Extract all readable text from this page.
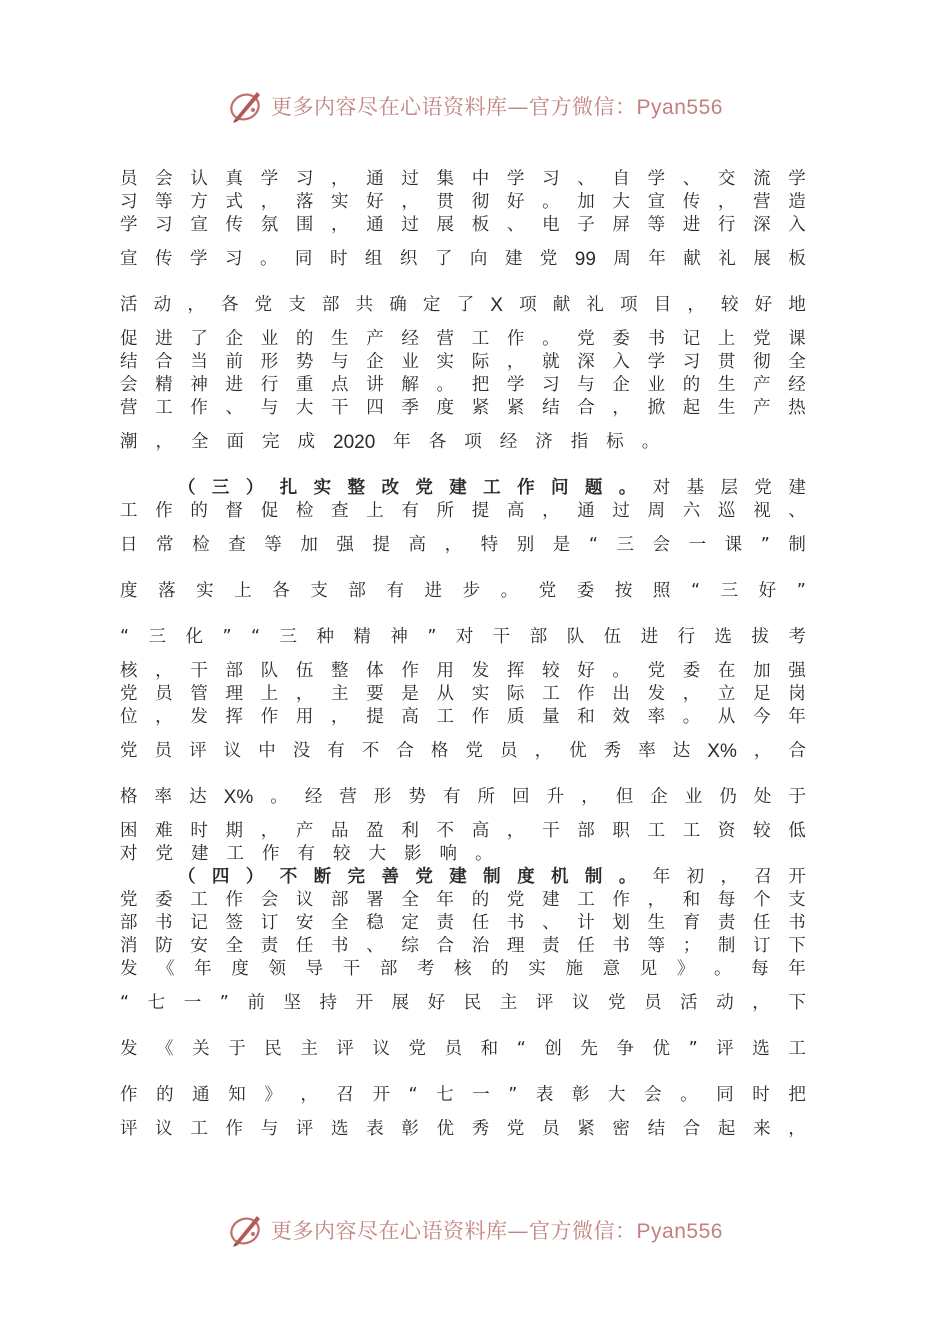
更多内容尽在心语资料库—官方微信：Pyan556
员 会 认 真 学 习 ， 通 过 集 中 学 习 、 自 学 、 交 流 学
习 等 方 式 ， 落 实 好 ， 贯 彻 好 。 加 大 宣 传 ， 营 造
学 习 宣 传 氛 围 ， 通 过 展 板 、 电 子 屏 等 进 行 深 入
宣 传 学 习 。 同 时 组 织 了 向 建 党 99 周 年 献 礼 展 板
活 动 ， 各 党 支 部 共 确 定 了 X 项 献 礼 项 目 ， 较 好 地
促 进 了 企 业 的 生 产 经 营 工 作 。 党 委 书 记 上 党 课
结 合 当 前 形 势 与 企 业 实 际 ， 就 深 入 学 习 贯 彻 全
会 精 神 进 行 重 点 讲 解 。 把 学 习 与 企 业 的 生 产 经
营 工 作 、 与 大 干 四 季 度 紧 紧 结 合 ， 掀 起 生 产 热
潮 ， 全 面 完 成 2020 年 各 项 经 济 指 标 。
（ 三 ） 扎 实 整 改 党 建 工 作 问 题 。 对 基 层 党 建
工 作 的 督 促 检 查 上 有 所 提 高 ， 通 过 周 六 巡 视 、
日 常 检 查 等 加 强 提 高 ， 特 别 是 “ 三 会 一 课 ” 制
度 落 实 上 各 支 部 有 进 步 。 党 委 按 照 “ 三 好 ”
“ 三 化 ” “ 三 种 精 神 ” 对 干 部 队 伍 进 行 选 拔 考
核 ， 干 部 队 伍 整 体 作 用 发 挥 较 好 。 党 委 在 加 强
党 员 管 理 上 ， 主 要 是 从 实 际 工 作 出 发 ， 立 足 岗
位 ， 发 挥 作 用 ， 提 高 工 作 质 量 和 效 率 。 从 今 年
党 员 评 议 中 没 有 不 合 格 党 员 ， 优 秀 率 达 X% ， 合
格 率 达 X% 。 经 营 形 势 有 所 回 升 ， 但 企 业 仍 处 于
困 难 时 期 ， 产 品 盈 利 不 高 ， 干 部 职 工 工 资 较 低
对 党 建 工 作 有 较 大 影 响 。
（ 四 ） 不 断 完 善 党 建 制 度 机 制 。 年 初 ， 召 开
党 委 工 作 会 议 部 署 全 年 的 党 建 工 作 ， 和 每 个 支
部 书 记 签 订 安 全 稳 定 责 任 书 、 计 划 生 育 责 任 书
消 防 安 全 责 任 书 、 综 合 治 理 责 任 书 等 ； 制 订 下
发 《 年 度 领 导 干 部 考 核 的 实 施 意 见 》 。 每 年
“ 七 一 ” 前 坚 持 开 展 好 民 主 评 议 党 员 活 动 ， 下
发 《 关 于 民 主 评 议 党 员 和 “ 创 先 争 优 ” 评 选 工
作 的 通 知 》 ， 召 开 “ 七 一 ” 表 彰 大 会 。 同 时 把
评 议 工 作 与 评 选 表 彰 优 秀 党 员 紧 密 结 合 起 来 ，
更多内容尽在心语资料库—官方微信：Pyan556
